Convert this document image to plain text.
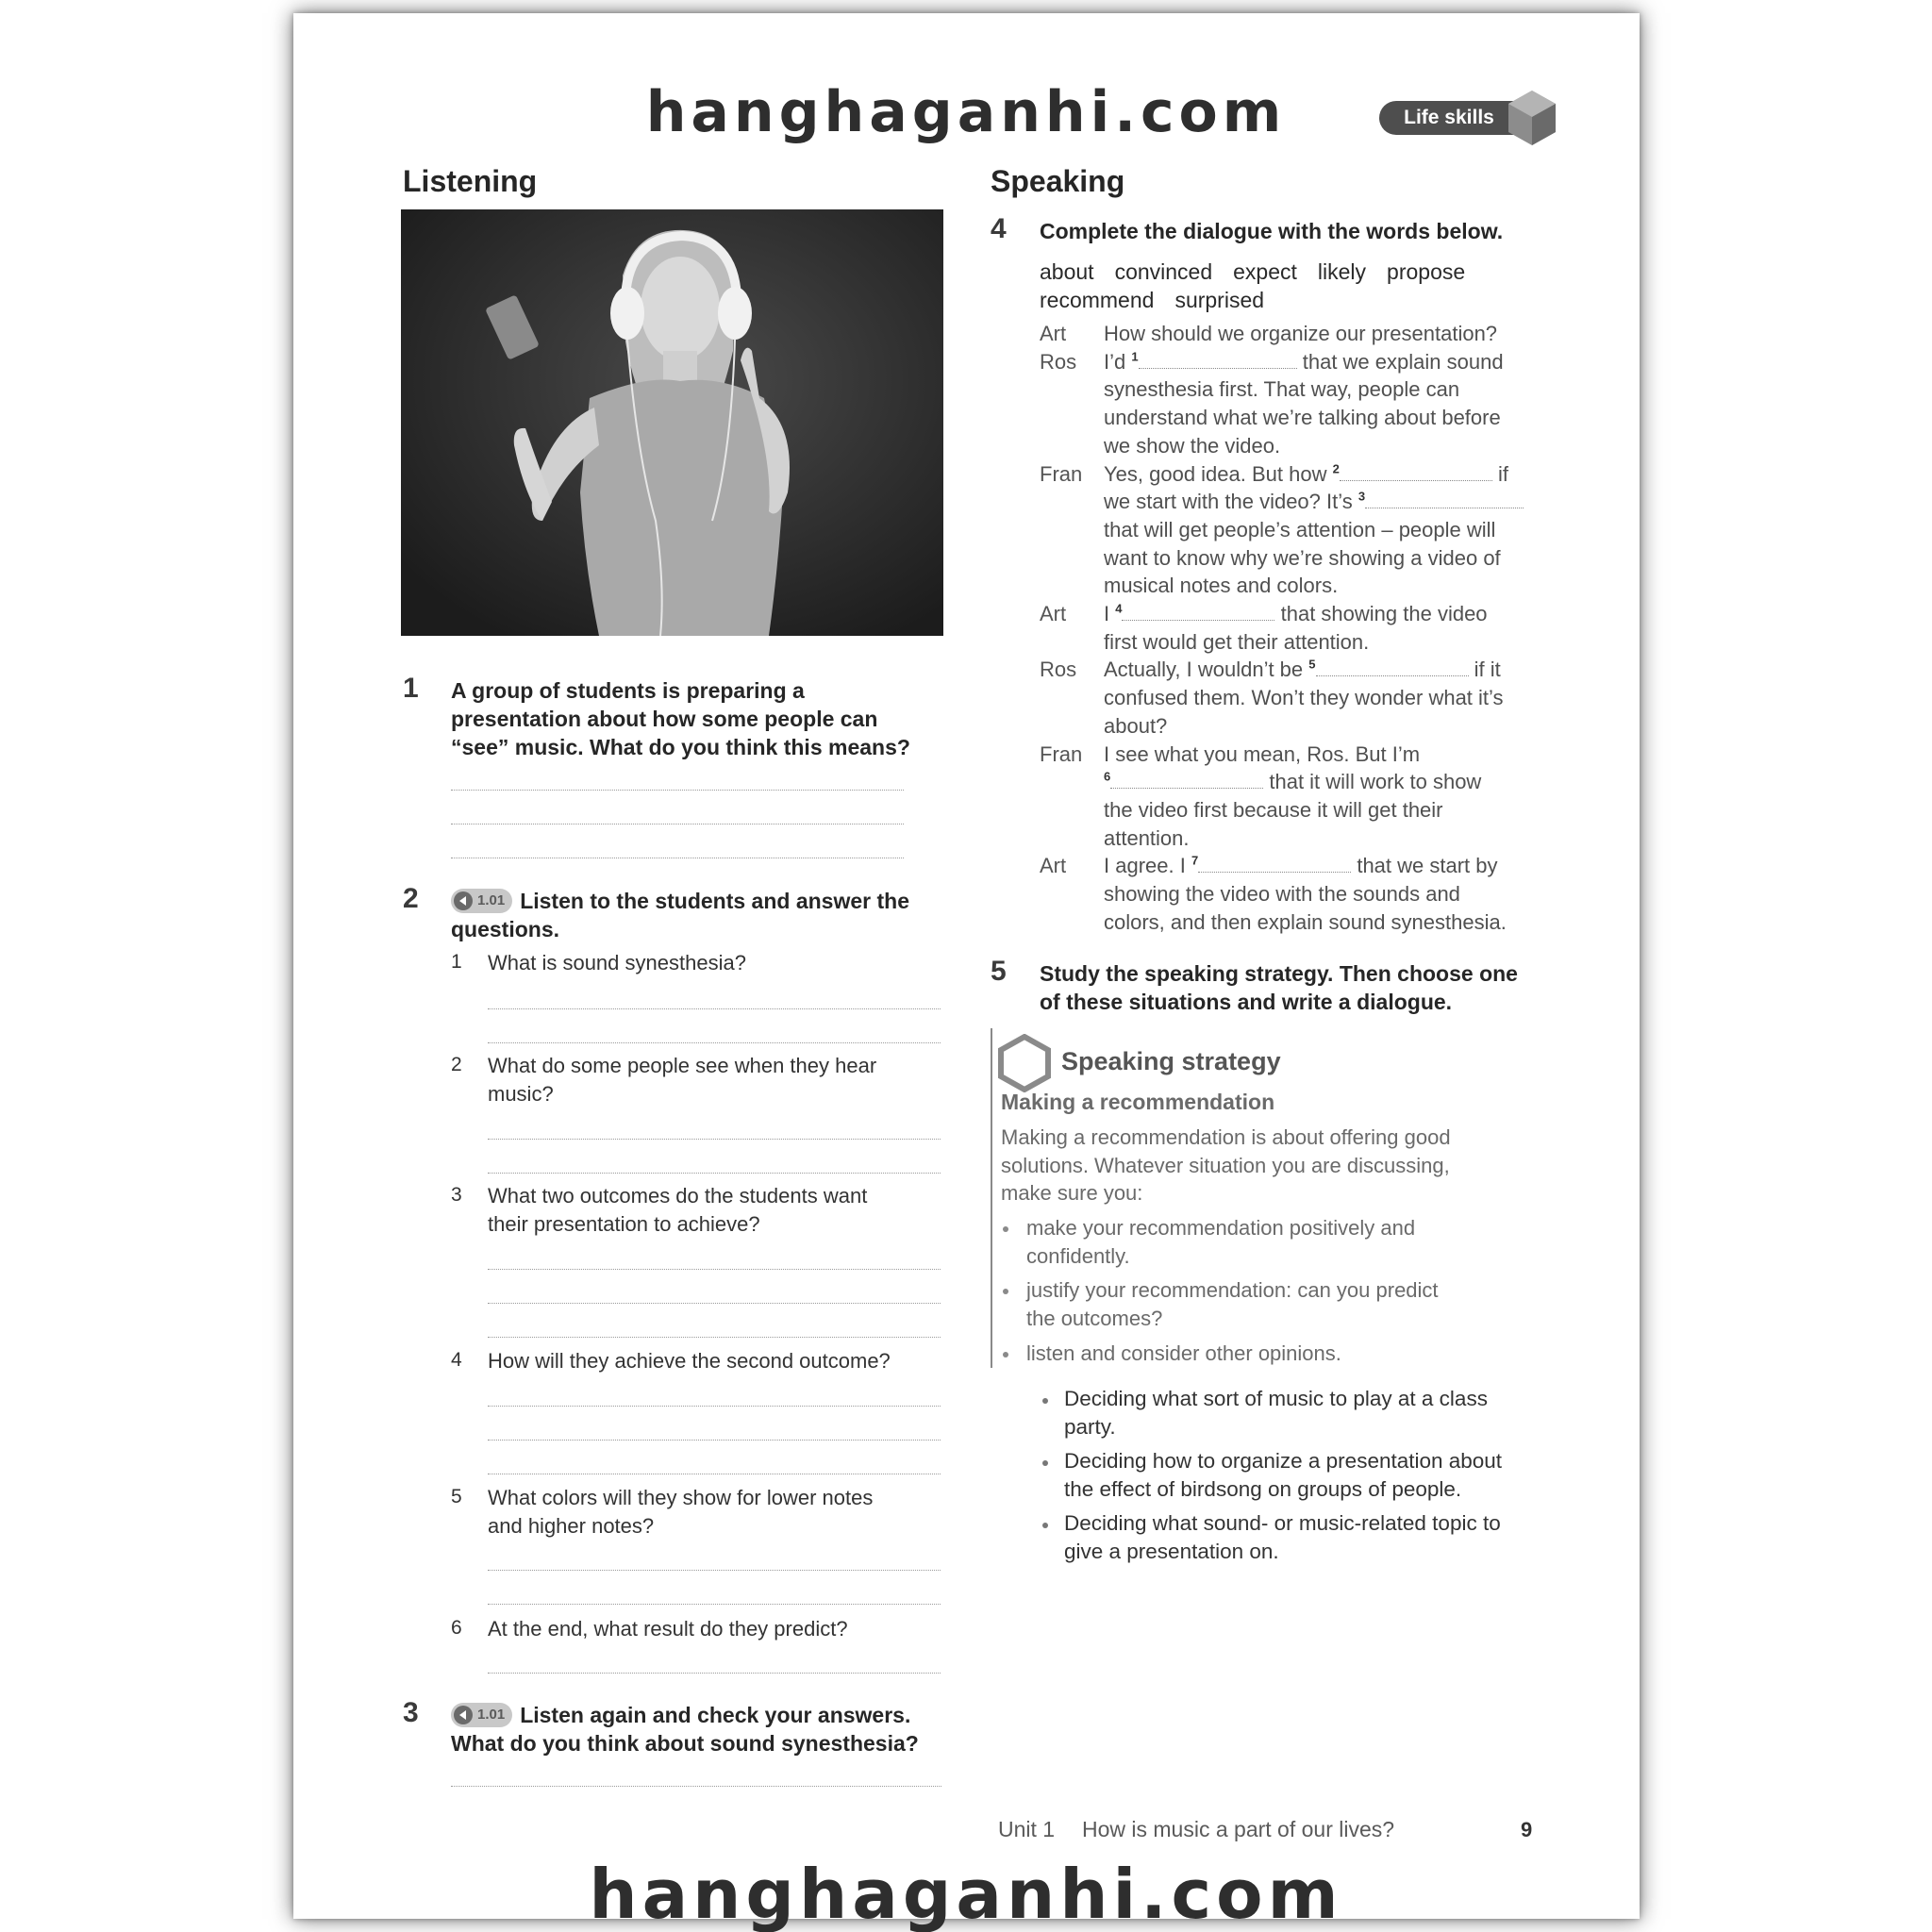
hanghaganhi.com	Life skills
Listening
1 A group of students is preparing a
presentation about how some people can
“see” music. What do you think this means?
2	1.01 Listen to the students and answer the
questions.
1 What is sound synesthesia?
2 What do some people see when they hear
music?
3 What two outcomes do the students want
their presentation to achieve?
4 How will they achieve the second outcome?
5 What colors will they show for lower notes
and higher notes?
6 At the end, what result do they predict?
3	1.01 Listen again and check your answers.
What do you think about sound synesthesia?
Speaking
4 Complete the dialogue with the words below.
about convinced expect likely propose
recommend surprised
Art How should we organize our presentation?
Ros I’d $^1$	that we explain sound
synesthesia first. That way, people can
understand what we’re talking about before
we show the video.
Fran Yes, good idea. But how $^2$	if
we start with the video? It’s $^3$
that will get people’s attention – people will
want to know why we’re showing a video of
musical notes and colors.
Art I $^4$	that showing the video
first would get their attention.
Ros Actually, I wouldn’t be $^5$	if it
confused them. Won’t they wonder what it’s
about?
Fran I see what you mean, Ros. But I’m
$^6$	that it will work to show
the video first because it will get their
attention.
Art I agree. I $^7$	that we start by
showing the video with the sounds and
colors, and then explain sound synesthesia.
5 Study the speaking strategy. Then choose one
of these situations and write a dialogue.
Speaking strategy
Making a recommendation
Making a recommendation is about offering good
solutions. Whatever situation you are discussing,
make sure you:
make your recommendation positively and
confidently.
justify your recommendation: can you predict
the outcomes?
listen and consider other opinions.
Deciding what sort of music to play at a class
party.
Deciding how to organize a presentation about
the effect of birdsong on groups of people.
Deciding what sound- or music-related topic to
give a presentation on.
Unit 1 How is music a part of our lives?	9
hanghaganhi.com
